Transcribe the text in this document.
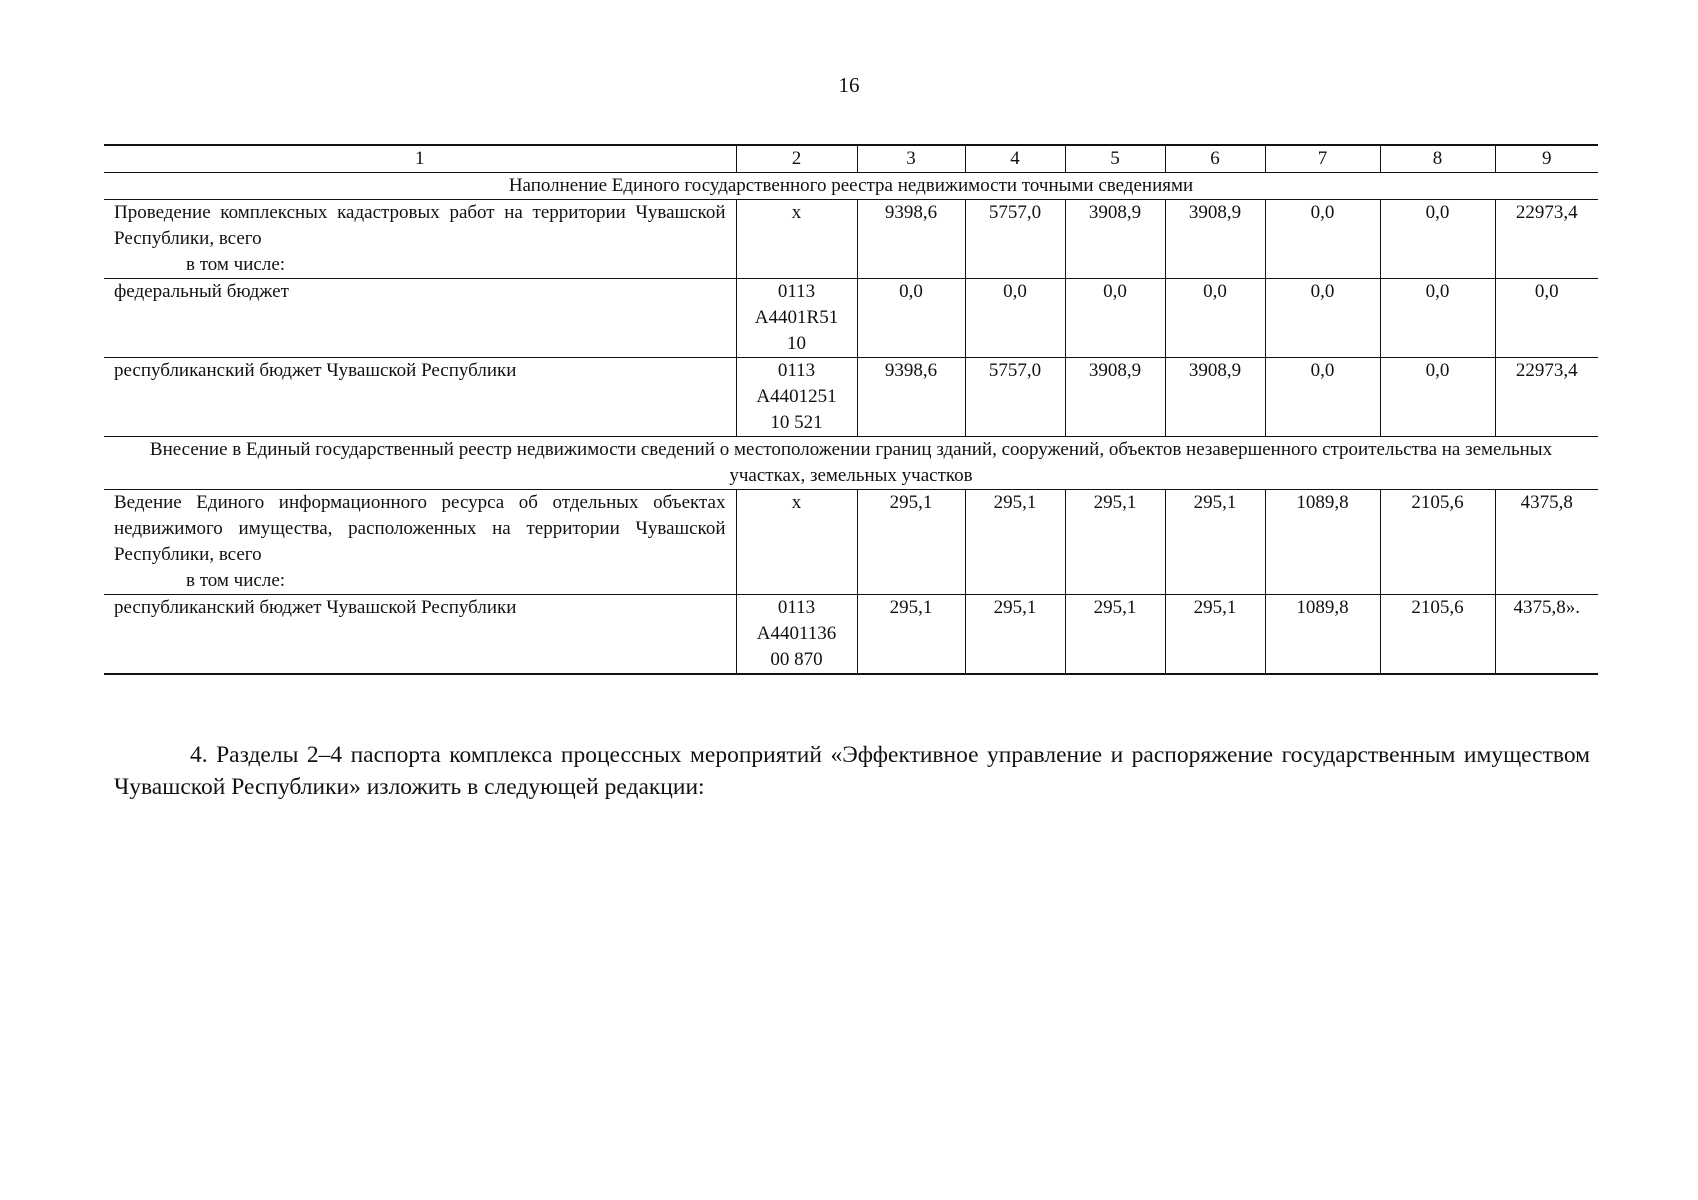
16
1	2	3	4	5	6	7	8	9
Наполнение Единого государственного реестра недвижимости точными сведениями								
Проведение комплексных кадастровых работ на территории Чувашской Республики, всего
в том числе:	х	9398,6	5757,0	3908,9	3908,9	0,0	0,0	22973,4
федеральный бюджет	0113
А4401R51
10	0,0	0,0	0,0	0,0	0,0	0,0	0,0
республиканский бюджет Чувашской Республики	0113
А4401251
10 521	9398,6	5757,0	3908,9	3908,9	0,0	0,0	22973,4
Внесение в Единый государственный реестр недвижимости сведений о местоположении границ зданий, сооружений, объектов незавершенного строительства на земельных участках, земельных участков								
Ведение Единого информационного ресурса об отдельных объектах недвижимого имущества, расположенных на территории Чувашской Республики, всего
в том числе:	х	295,1	295,1	295,1	295,1	1089,8	2105,6	4375,8
республиканский бюджет Чувашской Республики	0113
А4401136
00 870	295,1	295,1	295,1	295,1	1089,8	2105,6	4375,8».

4. Разделы 2–4 паспорта комплекса процессных мероприятий «Эффективное управление и распоряжение государственным имуществом Чувашской Республики» изложить в следующей редакции:
